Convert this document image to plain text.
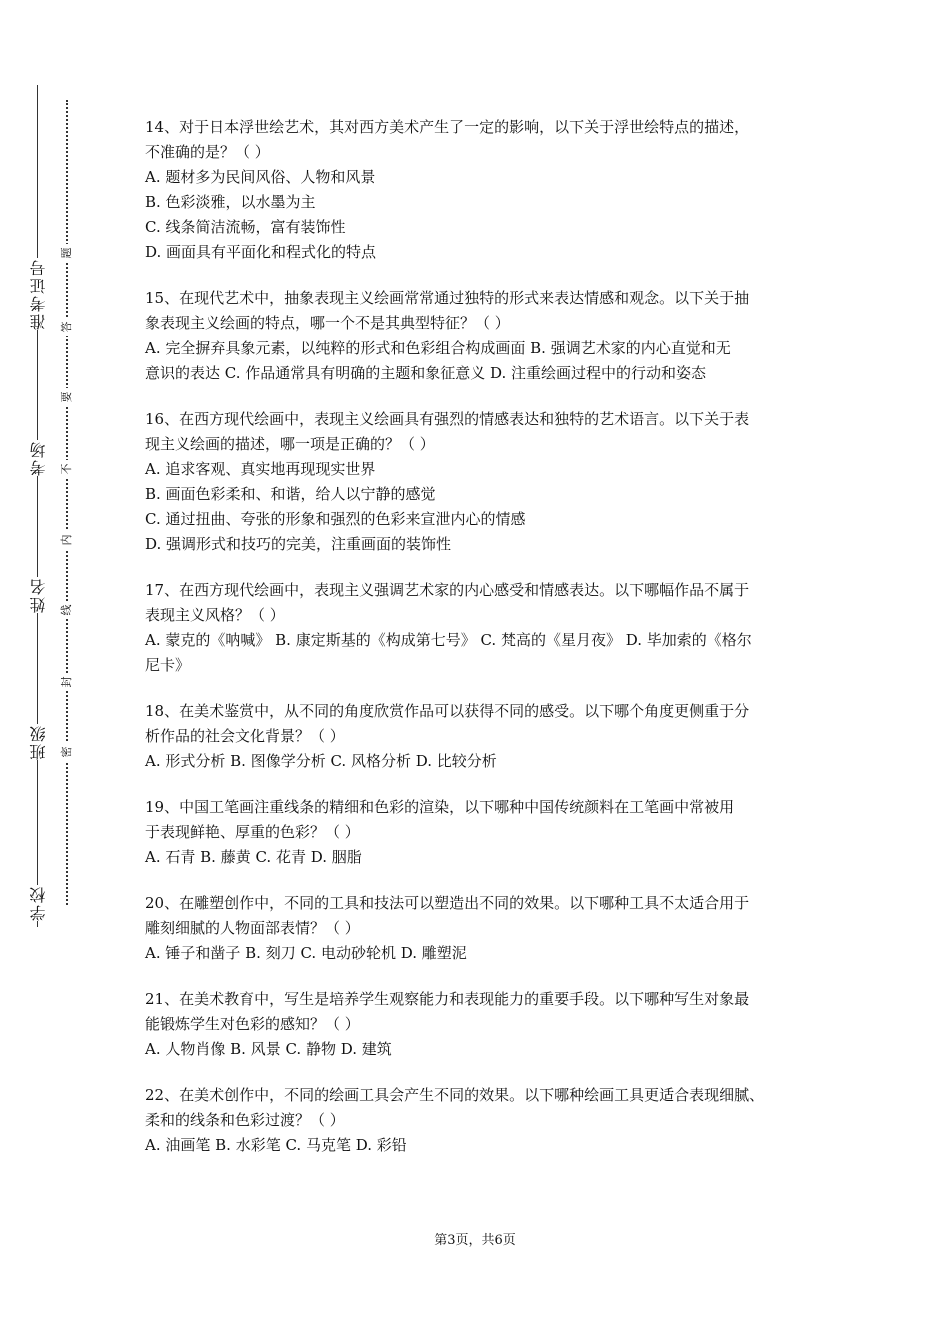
准考证号
考场
姓名
班级
学校
题
答
要
不
内
线
封
密

14、对于日本浮世绘艺术，其对西方美术产生了一定的影响，以下关于浮世绘特点的描述，

不准确的是？（ ）

A. 题材多为民间风俗、人物和风景

B. 色彩淡雅，以水墨为主

C. 线条简洁流畅，富有装饰性

D. 画面具有平面化和程式化的特点

15、在现代艺术中，抽象表现主义绘画常常通过独特的形式来表达情感和观念。以下关于抽

象表现主义绘画的特点，哪一个不是其典型特征？（ ）

A. 完全摒弃具象元素，以纯粹的形式和色彩组合构成画面 B. 强调艺术家的内心直觉和无

意识的表达 C. 作品通常具有明确的主题和象征意义 D. 注重绘画过程中的行动和姿态

16、在西方现代绘画中，表现主义绘画具有强烈的情感表达和独特的艺术语言。以下关于表

现主义绘画的描述，哪一项是正确的？（ ）

A. 追求客观、真实地再现现实世界

B. 画面色彩柔和、和谐，给人以宁静的感觉

C. 通过扭曲、夸张的形象和强烈的色彩来宣泄内心的情感

D. 强调形式和技巧的完美，注重画面的装饰性

17、在西方现代绘画中，表现主义强调艺术家的内心感受和情感表达。以下哪幅作品不属于

表现主义风格？（ ）

A. 蒙克的《呐喊》 B. 康定斯基的《构成第七号》 C. 梵高的《星月夜》 D. 毕加索的《格尔

尼卡》

18、在美术鉴赏中，从不同的角度欣赏作品可以获得不同的感受。以下哪个角度更侧重于分

析作品的社会文化背景？（ ）

A. 形式分析 B. 图像学分析 C. 风格分析 D. 比较分析

19、中国工笔画注重线条的精细和色彩的渲染，以下哪种中国传统颜料在工笔画中常被用

于表现鲜艳、厚重的色彩？（ ）

A. 石青 B. 藤黄 C. 花青 D. 胭脂

20、在雕塑创作中，不同的工具和技法可以塑造出不同的效果。以下哪种工具不太适合用于

雕刻细腻的人物面部表情？（ ）

A. 锤子和凿子 B. 刻刀 C. 电动砂轮机 D. 雕塑泥

21、在美术教育中，写生是培养学生观察能力和表现能力的重要手段。以下哪种写生对象最

能锻炼学生对色彩的感知？（ ）

A. 人物肖像 B. 风景 C. 静物 D. 建筑

22、在美术创作中，不同的绘画工具会产生不同的效果。以下哪种绘画工具更适合表现细腻、

柔和的线条和色彩过渡？（ ）

A. 油画笔 B. 水彩笔 C. 马克笔 D. 彩铅

第3页，共6页
